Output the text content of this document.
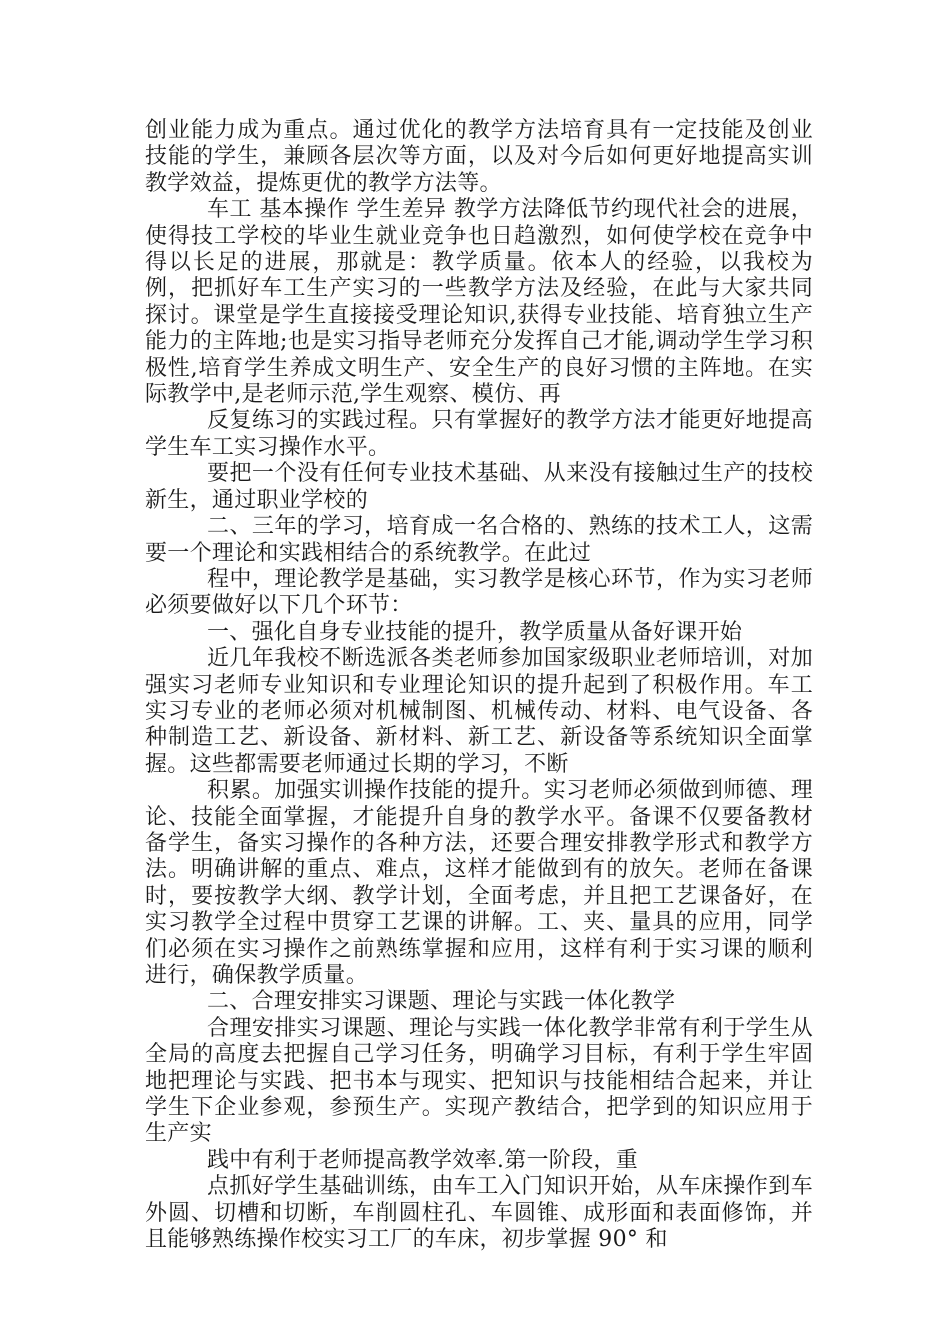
创业能力成为重点。通过优化的教学方法培育具有一定技能及创业技能的学生，兼顾各层次等方面，以及对今后如何更好地提高实训教学效益，提炼更优的教学方法等。

车工 基本操作 学生差异 教学方法降低节约现代社会的进展，使得技工学校的毕业生就业竞争也日趋激烈，如何使学校在竞争中得以长足的进展，那就是：教学质量。依本人的经验，以我校为例，把抓好车工生产实习的一些教学方法及经验，在此与大家共同探讨。课堂是学生直接接受理论知识,获得专业技能、培育独立生产能力的主阵地;也是实习指导老师充分发挥自己才能,调动学生学习积极性,培育学生养成文明生产、安全生产的良好习惯的主阵地。在实际教学中,是老师示范,学生观察、模仿、再

反复练习的实践过程。只有掌握好的教学方法才能更好地提高学生车工实习操作水平。

要把一个没有任何专业技术基础、从来没有接触过生产的技校新生，通过职业学校的

二、三年的学习，培育成一名合格的、熟练的技术工人，这需要一个理论和实践相结合的系统教学。在此过

程中，理论教学是基础，实习教学是核心环节，作为实习老师必须要做好以下几个环节：

一、强化自身专业技能的提升，教学质量从备好课开始

近几年我校不断选派各类老师参加国家级职业老师培训，对加强实习老师专业知识和专业理论知识的提升起到了积极作用。车工实习专业的老师必须对机械制图、机械传动、材料、电气设备、各种制造工艺、新设备、新材料、新工艺、新设备等系统知识全面掌握。这些都需要老师通过长期的学习，不断

积累。加强实训操作技能的提升。实习老师必须做到师德、理论、技能全面掌握，才能提升自身的教学水平。备课不仅要备教材备学生，备实习操作的各种方法，还要合理安排教学形式和教学方法。明确讲解的重点、难点，这样才能做到有的放矢。老师在备课时，要按教学大纲、教学计划，全面考虑，并且把工艺课备好，在实习教学全过程中贯穿工艺课的讲解。工、夹、量具的应用，同学们必须在实习操作之前熟练掌握和应用，这样有利于实习课的顺利进行，确保教学质量。

二、合理安排实习课题、理论与实践一体化教学

合理安排实习课题、理论与实践一体化教学非常有利于学生从全局的高度去把握自己学习任务，明确学习目标，有利于学生牢固地把理论与实践、把书本与现实、把知识与技能相结合起来，并让学生下企业参观，参预生产。实现产教结合，把学到的知识应用于生产实

践中有利于老师提高教学效率.第一阶段，重

点抓好学生基础训练，由车工入门知识开始，从车床操作到车外圆、切槽和切断，车削圆柱孔、车圆锥、成形面和表面修饰，并且能够熟练操作校实习工厂的车床，初步掌握 90° 和
